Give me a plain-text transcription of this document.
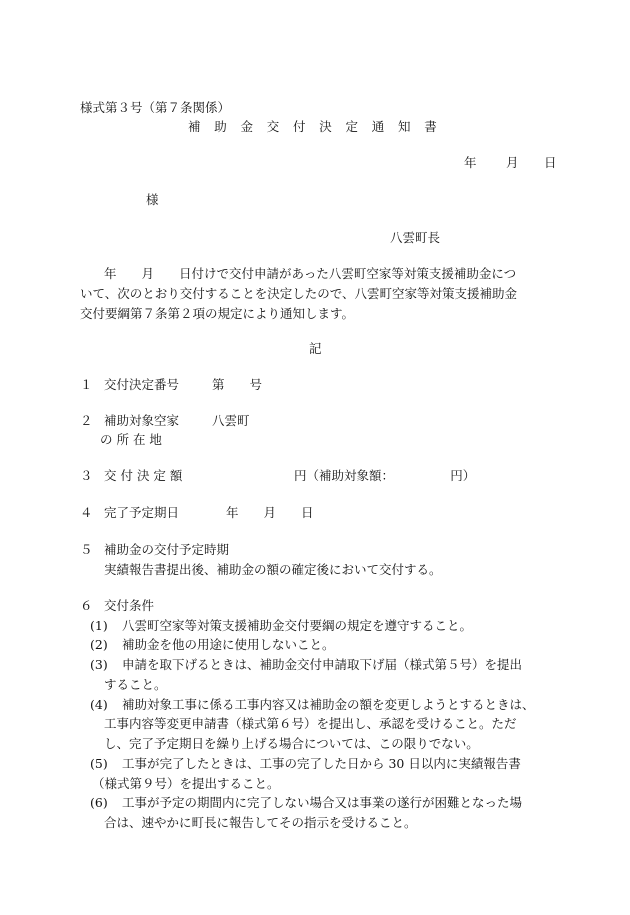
様式第３号（第７条関係）
補　助　金　交　付　決　定　通　知　書
年 月 日
様
八雲町長
年　　月　　日付けで交付申請があった八雲町空家等対策支援補助金につ
いて、次のとおり交付することを決定したので、八雲町空家等対策支援補助金
交付要綱第７条第２項の規定により通知します。
記
１ 交付決定番号	第　　号
２ 補助対象空家	八雲町
の 所 在 地
３ 交 付 決 定 額	円（補助対象額：　　　　　円）
４ 完了予定期日	年　　月　　日
５ 補助金の交付予定時期
実績報告書提出後、補助金の額の確定後において交付する。
６ 交付条件
(1) 八雲町空家等対策支援補助金交付要綱の規定を遵守すること。
(2) 補助金を他の用途に使用しないこと。
(3) 申請を取下げるときは、補助金交付申請取下げ届（様式第５号）を提出
すること。
(4) 補助対象工事に係る工事内容又は補助金の額を変更しようとするときは、
工事内容等変更申請書（様式第６号）を提出し、承認を受けること。ただ
し、完了予定期日を繰り上げる場合については、この限りでない。
(5) 工事が完了したときは、工事の完了した日から 30 日以内に実績報告書
（様式第９号）を提出すること。
(6) 工事が予定の期間内に完了しない場合又は事業の遂行が困難となった場
合は、速やかに町長に報告してその指示を受けること。
